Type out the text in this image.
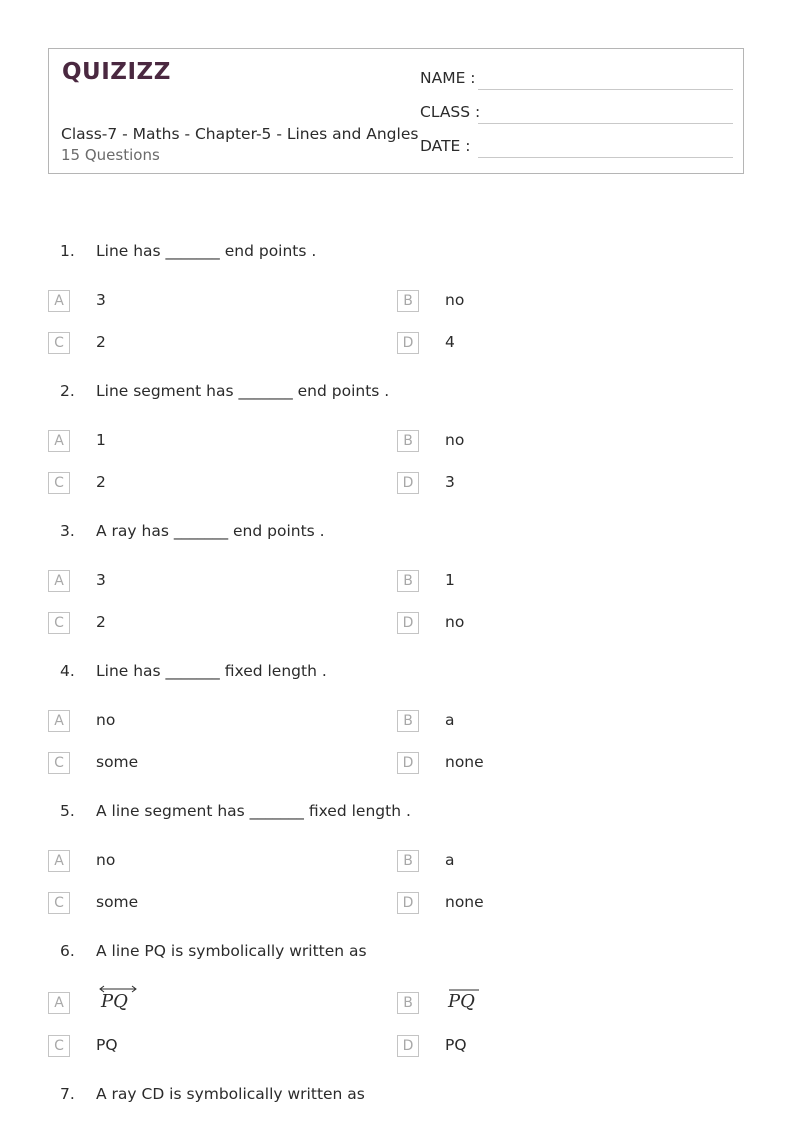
QUIZIZZ
Class-7 - Maths - Chapter-5 - Lines and Angles
15 Questions
NAME :
CLASS :
DATE :
1. Line has _______ end points .
A	3	B	no
C	2	D	4
2. Line segment has _______ end points .
A	1	B	no
C	2	D	3
3. A ray has _______ end points .
A	3	B	1
C	2	D	no
4. Line has _______ fixed length .
A	no	B	a
C	some	D	none
5. A line segment has _______ fixed length .
A	no	B	a
C	some	D	none
6. A line PQ is symbolically written as
A	PQ	B	PQ
C	PQ	D	PQ
7. A ray CD is symbolically written as
